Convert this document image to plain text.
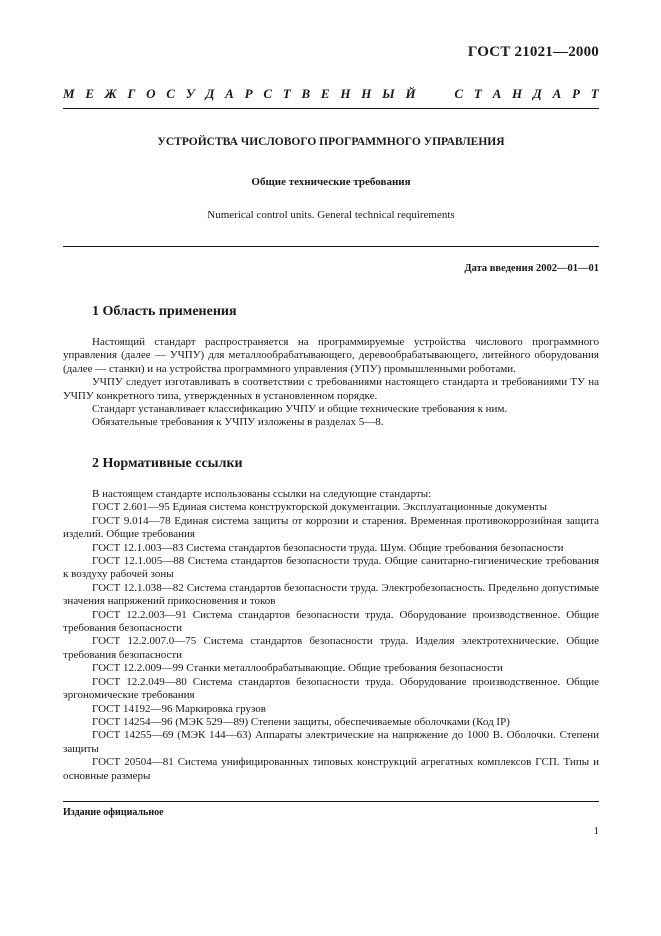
ГОСТ 21021—2000
М Е Ж Г О С У Д А Р С Т В Е Н Н Ы Й

	С Т А Н Д А Р Т
УСТРОЙСТВА ЧИСЛОВОГО ПРОГРАММНОГО УПРАВЛЕНИЯ
Общие технические требования
Numerical control units. General technical requirements
Дата введения 2002—01—01
1 Область применения

Настоящий стандарт распространяется на программируемые устройства числового программного управления (далее — УЧПУ) для металлообрабатывающего, деревообрабатывающего, литейного оборудования (далее — станки) и на устройства программного управления (УПУ) промышленными роботами.

УЧПУ следует изготавливать в соответствии с требованиями настоящего стандарта и требованиями ТУ на УЧПУ конкретного типа, утвержденных в установленном порядке.

Стандарт устанавливает классификацию УЧПУ и общие технические требования к ним.

Обязательные требования к УЧПУ изложены в разделах 5—8.

2 Нормативные ссылки

В настоящем стандарте использованы ссылки на следующие стандарты:

ГОСТ 2.601—95 Единая система конструкторской документации. Эксплуатационные документы

ГОСТ 9.014—78 Единая система защиты от коррозии и старения. Временная противокоррозийная защита изделий. Общие требования

ГОСТ 12.1.003—83 Система стандартов безопасности труда. Шум. Общие требования безопасности

ГОСТ 12.1.005—88 Система стандартов безопасности труда. Общие санитарно-гигиенические требования к воздуху рабочей зоны

ГОСТ 12.1.038—82 Система стандартов безопасности труда. Электробезопасность. Предельно допустимые значения напряжений прикосновения и токов

ГОСТ 12.2.003—91 Система стандартов безопасности труда. Оборудование производственное. Общие требования безопасности

ГОСТ 12.2.007.0—75 Система стандартов безопасности труда. Изделия электротехнические. Общие требования безопасности

ГОСТ 12.2.009—99 Станки металлообрабатывающие. Общие требования безопасности

ГОСТ 12.2.049—80 Система стандартов безопасности труда. Оборудование производственное. Общие эргономические требования

ГОСТ 14192—96 Маркировка грузов

ГОСТ 14254—96 (МЭК 529—89) Степени защиты, обеспечиваемые оболочками (Код IP)

ГОСТ 14255—69 (МЭК 144—63) Аппараты электрические на напряжение до 1000 В. Оболочки. Степени защиты

ГОСТ 20504—81 Система унифицированных типовых конструкций агрегатных комплексов ГСП. Типы и основные размеры

Издание официальное
1
